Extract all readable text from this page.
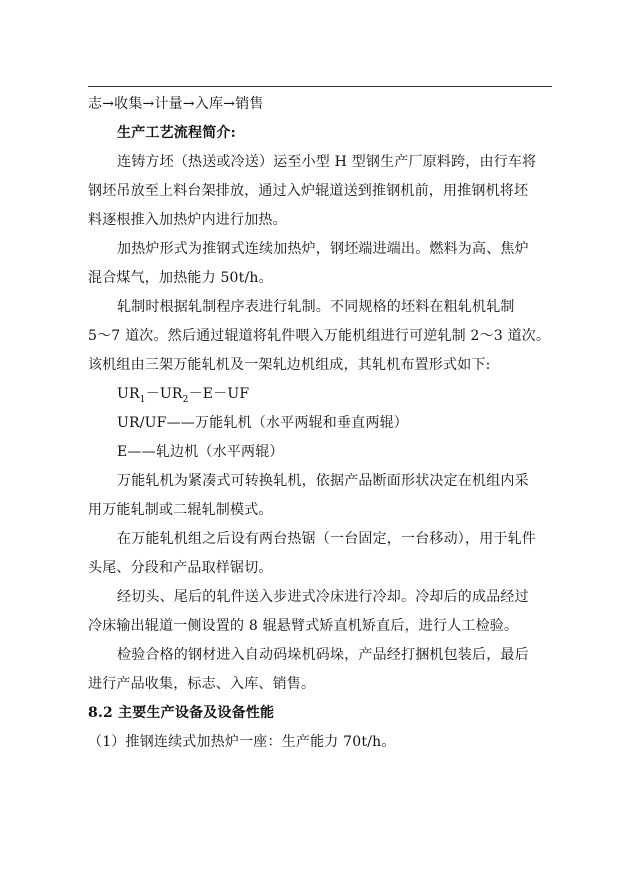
志→收集→计量→入库→销售
生产工艺流程简介:
连铸方坯（热送或冷送）运至小型 H 型钢生产厂原料跨，由行车将
钢坯吊放至上料台架排放，通过入炉辊道送到推钢机前，用推钢机将坯
料逐根推入加热炉内进行加热。
加热炉形式为推钢式连续加热炉，钢坯端进端出。燃料为高、焦炉
混合煤气，加热能力 50t/h。
轧制时根据轧制程序表进行轧制。不同规格的坯料在粗轧机轧制
5～7 道次。然后通过辊道将轧件喂入万能机组进行可逆轧制 2～3 道次。
该机组由三架万能轧机及一架轧边机组成，其轧机布置形式如下:
$UR_1-UR_2-E-UF$
UR/UF——万能轧机（水平两辊和垂直两辊）
E——轧边机（水平两辊）
万能轧机为紧凑式可转换轧机，依据产品断面形状决定在机组内采
用万能轧制或二辊轧制模式。
在万能轧机组之后设有两台热锯（一台固定，一台移动），用于轧件
头尾、分段和产品取样锯切。
经切头、尾后的轧件送入步进式冷床进行冷却。冷却后的成品经过
冷床输出辊道一侧设置的 8 辊悬臂式矫直机矫直后，进行人工检验。
检验合格的钢材进入自动码垛机码垛，产品经打捆机包装后，最后
进行产品收集，标志、入库、销售。
8.2 主要生产设备及设备性能
（1）推钢连续式加热炉一座：生产能力 70t/h。
